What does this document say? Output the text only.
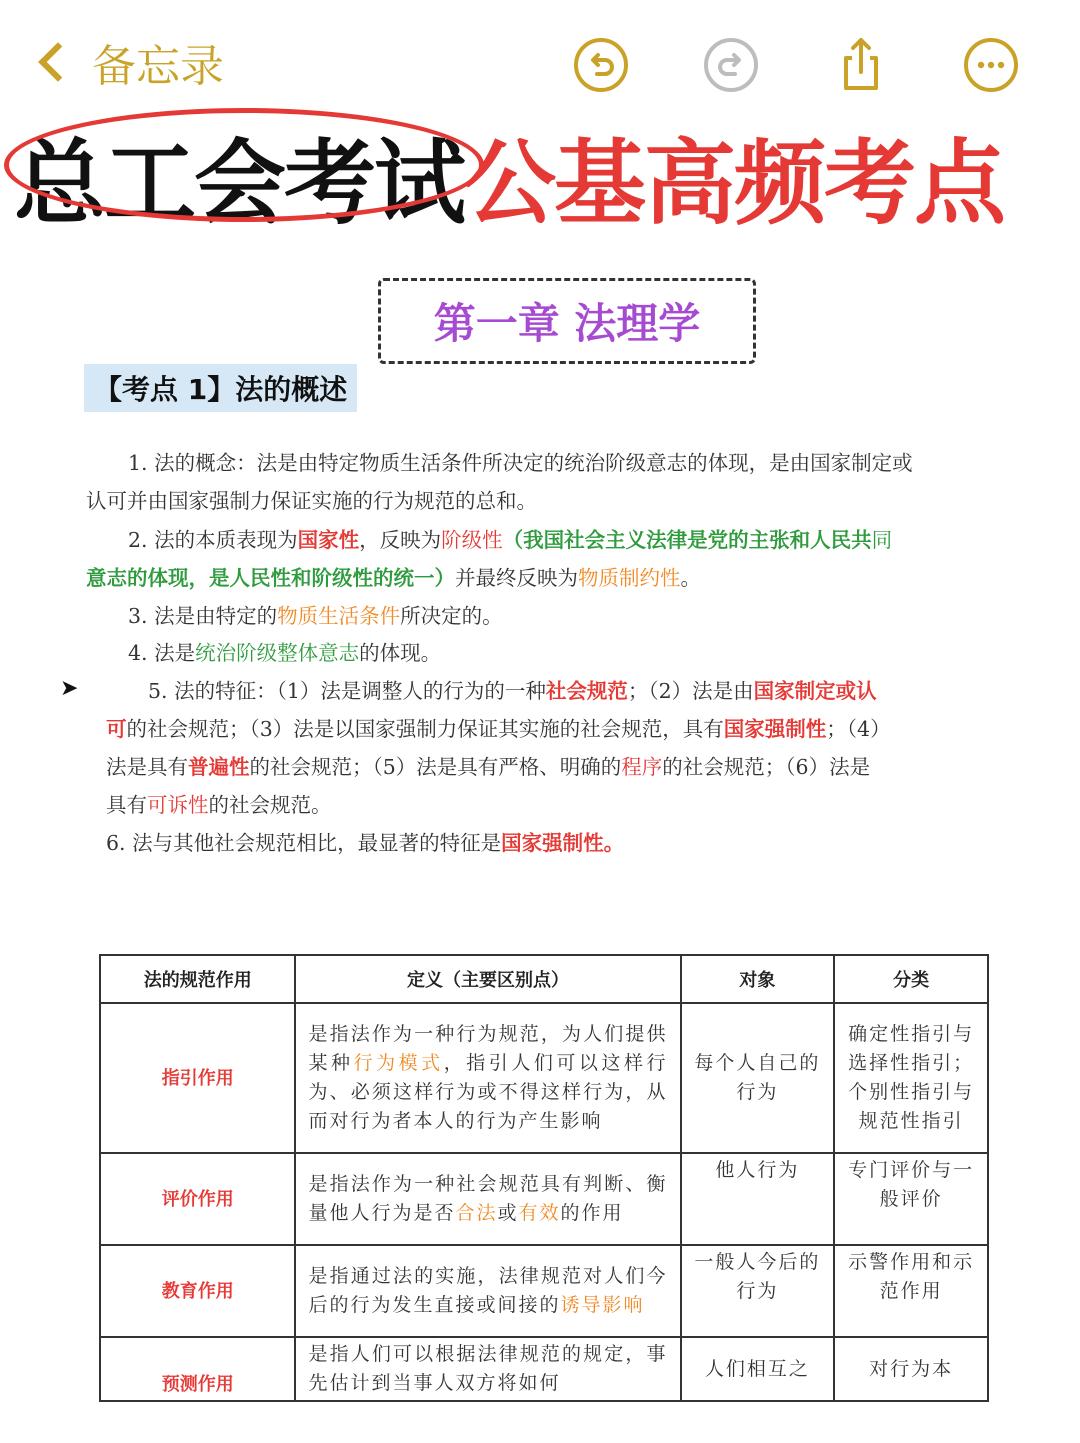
备忘录
总工会考试
公基高频考点
第一章 法理学
【考点 1】法的概述
1. 法的概念：法是由特定物质生活条件所决定的统治阶级意志的体现，是由国家制定或
认可并由国家强制力保证实施的行为规范的总和。
2. 法的本质表现为国家性，反映为阶级性（我国社会主义法律是党的主张和人民共同
意志的体现，是人民性和阶级性的统一）并最终反映为物质制约性。
3. 法是由特定的物质生活条件所决定的。
4. 法是统治阶级整体意志的体现。
➤	5. 法的特征：（1）法是调整人的行为的一种社会规范；（2）法是由国家制定或认
可的社会规范；（3）法是以国家强制力保证其实施的社会规范，具有国家强制性；（4）
法是具有普遍性的社会规范；（5）法是具有严格、明确的程序的社会规范；（6）法是
具有可诉性的社会规范。
6. 法与其他社会规范相比，最显著的特征是国家强制性。
法的规范作用	定义（主要区别点）	对象	分类
指引作用	是指法作为一种行为规范，为人们提供某种行为模式，指引人们可以这样行为、必须这样行为或不得这样行为，从而对行为者本人的行为产生影响	每个人自己的行为	确定性指引与选择性指引；个别性指引与规范性指引
评价作用	是指法作为一种社会规范具有判断、衡量他人行为是否合法或有效的作用	他人行为	专门评价与一般评价
教育作用	是指通过法的实施，法律规范对人们今后的行为发生直接或间接的诱导影响	一般人今后的行为	示警作用和示范作用
预测作用	是指人们可以根据法律规范的规定，事先估计到当事人双方将如何	人们相互之	对行为本
